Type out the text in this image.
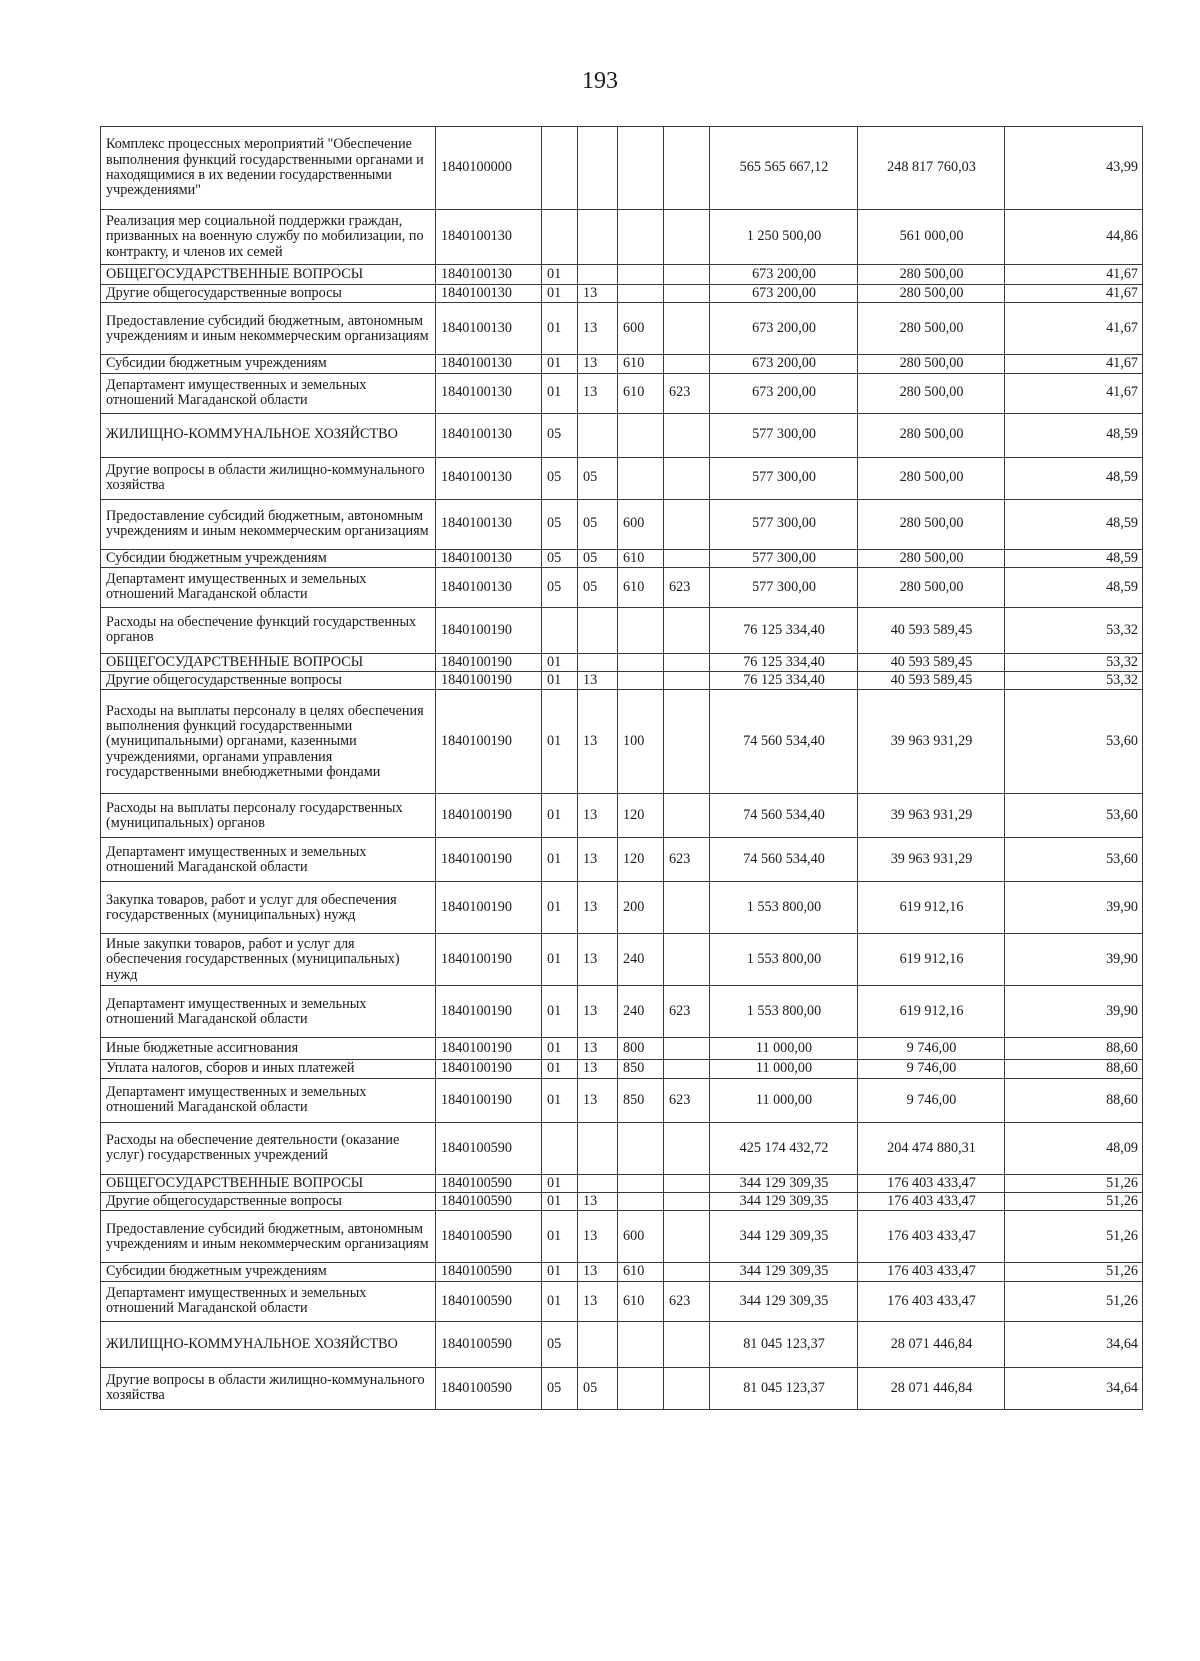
193
Комплекс процессных мероприятий "Обеспечение выполнения функций государственными органами и находящимися в их ведении государственными учреждениями"	1840100000					565 565 667,12	248 817 760,03	43,99
Реализация мер социальной поддержки граждан, призванных на военную службу по мобилизации, по контракту, и членов их семей	1840100130					1 250 500,00	561 000,00	44,86
ОБЩЕГОСУДАРСТВЕННЫЕ ВОПРОСЫ	1840100130	01				673 200,00	280 500,00	41,67
Другие общегосударственные вопросы	1840100130	01	13			673 200,00	280 500,00	41,67
Предоставление субсидий бюджетным, автономным учреждениям и иным некоммерческим организациям	1840100130	01	13	600		673 200,00	280 500,00	41,67
Субсидии бюджетным учреждениям	1840100130	01	13	610		673 200,00	280 500,00	41,67
Департамент имущественных и земельных отношений Магаданской области	1840100130	01	13	610	623	673 200,00	280 500,00	41,67
ЖИЛИЩНО-КОММУНАЛЬНОЕ ХОЗЯЙСТВО	1840100130	05				577 300,00	280 500,00	48,59
Другие вопросы в области жилищно-коммунального хозяйства	1840100130	05	05			577 300,00	280 500,00	48,59
Предоставление субсидий бюджетным, автономным учреждениям и иным некоммерческим организациям	1840100130	05	05	600		577 300,00	280 500,00	48,59
Субсидии бюджетным учреждениям	1840100130	05	05	610		577 300,00	280 500,00	48,59
Департамент имущественных и земельных отношений Магаданской области	1840100130	05	05	610	623	577 300,00	280 500,00	48,59
Расходы на обеспечение функций государственных органов	1840100190					76 125 334,40	40 593 589,45	53,32
ОБЩЕГОСУДАРСТВЕННЫЕ ВОПРОСЫ	1840100190	01				76 125 334,40	40 593 589,45	53,32
Другие общегосударственные вопросы	1840100190	01	13			76 125 334,40	40 593 589,45	53,32
Расходы на выплаты персоналу в целях обеспечения выполнения функций государственными (муниципальными) органами, казенными учреждениями, органами управления государственными внебюджетными фондами	1840100190	01	13	100		74 560 534,40	39 963 931,29	53,60
Расходы на выплаты персоналу государственных (муниципальных) органов	1840100190	01	13	120		74 560 534,40	39 963 931,29	53,60
Департамент имущественных и земельных отношений Магаданской области	1840100190	01	13	120	623	74 560 534,40	39 963 931,29	53,60
Закупка товаров, работ и услуг для обеспечения государственных (муниципальных) нужд	1840100190	01	13	200		1 553 800,00	619 912,16	39,90
Иные закупки товаров, работ и услуг для обеспечения государственных (муниципальных) нужд	1840100190	01	13	240		1 553 800,00	619 912,16	39,90
Департамент имущественных и земельных отношений Магаданской области	1840100190	01	13	240	623	1 553 800,00	619 912,16	39,90
Иные бюджетные ассигнования	1840100190	01	13	800		11 000,00	9 746,00	88,60
Уплата налогов, сборов и иных платежей	1840100190	01	13	850		11 000,00	9 746,00	88,60
Департамент имущественных и земельных отношений Магаданской области	1840100190	01	13	850	623	11 000,00	9 746,00	88,60
Расходы на обеспечение деятельности (оказание услуг) государственных учреждений	1840100590					425 174 432,72	204 474 880,31	48,09
ОБЩЕГОСУДАРСТВЕННЫЕ ВОПРОСЫ	1840100590	01				344 129 309,35	176 403 433,47	51,26
Другие общегосударственные вопросы	1840100590	01	13			344 129 309,35	176 403 433,47	51,26
Предоставление субсидий бюджетным, автономным учреждениям и иным некоммерческим организациям	1840100590	01	13	600		344 129 309,35	176 403 433,47	51,26
Субсидии бюджетным учреждениям	1840100590	01	13	610		344 129 309,35	176 403 433,47	51,26
Департамент имущественных и земельных отношений Магаданской области	1840100590	01	13	610	623	344 129 309,35	176 403 433,47	51,26
ЖИЛИЩНО-КОММУНАЛЬНОЕ ХОЗЯЙСТВО	1840100590	05				81 045 123,37	28 071 446,84	34,64
Другие вопросы в области жилищно-коммунального хозяйства	1840100590	05	05			81 045 123,37	28 071 446,84	34,64
